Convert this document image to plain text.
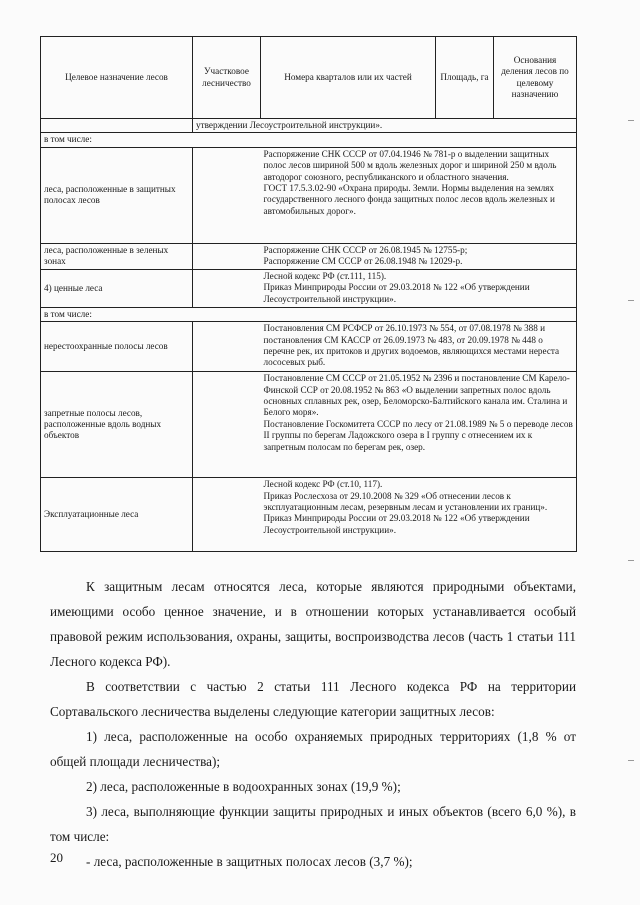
Целевое назначение лесов	Участковое лесничество	Номера кварталов или их частей	Площадь, га	Основания деления лесов по целевому назначению
	утверждении Лесоустроительной инструкции».			
в том числе:				
леса, расположенные в защитных полосах лесов		Распоряжение СНК СССР от 07.04.1946 № 781-р о выделении защитных полос лесов шириной 500 м вдоль железных дорог и шириной 250 м вдоль автодорог союзного, республиканского и областного значения.
ГОСТ 17.5.3.02-90 «Охрана природы. Земли. Нормы выделения на землях государственного лесного фонда защитных полос лесов вдоль железных и автомобильных дорог».		
леса, расположенные в зеленых зонах		Распоряжение СНК СССР от 26.08.1945 № 12755-р;
Распоряжение СМ СССР от 26.08.1948 № 12029-р.		
4) ценные леса		Лесной кодекс РФ (ст.111, 115).
Приказ Минприроды России от 29.03.2018 № 122 «Об утверждении Лесоустроительной инструкции».		
в том числе:				
нерестоохранные полосы лесов		Постановления СМ РСФСР от 26.10.1973 № 554, от 07.08.1978 № 388 и постановления СМ КАССР от 26.09.1973 № 483, от 20.09.1978 № 448 о перечне рек, их притоков и других водоемов, являющихся местами нереста лососевых рыб.		
запретные полосы лесов, расположенные вдоль водных объектов		Постановление СМ СССР от 21.05.1952 № 2396 и постановление СМ Карело-Финской ССР от 20.08.1952 № 863 «О выделении запретных полос вдоль основных сплавных рек, озер, Беломорско-Балтийского канала им. Сталина и Белого моря».
Постановление Госкомитета СССР по лесу от 21.08.1989 № 5 о переводе лесов II группы по берегам Ладожского озера в I группу с отнесением их к запретным полосам по берегам рек, озер.		
Эксплуатационные леса		Лесной кодекс РФ (ст.10, 117).
Приказ Рослесхоза от 29.10.2008 № 329 «Об отнесении лесов к эксплуатационным лесам, резервным лесам и установлении их границ».
Приказ Минприроды России от 29.03.2018 № 122 «Об утверждении Лесоустроительной инструкции».		

К защитным лесам относятся леса, которые являются природными объектами, имеющими особо ценное значение, и в отношении которых устанавливается особый правовой режим использования, охраны, защиты, воспроизводства лесов (часть 1 статьи 111 Лесного кодекса РФ).

В соответствии с частью 2 статьи 111 Лесного кодекса РФ на территории Сортавальского лесничества выделены следующие категории защитных лесов:

1) леса, расположенные на особо охраняемых природных территориях (1,8 % от общей площади лесничества);

2) леса, расположенные в водоохранных зонах (19,9 %);

3) леса, выполняющие функции защиты природных и иных объектов (всего 6,0 %), в том числе:

- леса, расположенные в защитных полосах лесов (3,7 %);

20
